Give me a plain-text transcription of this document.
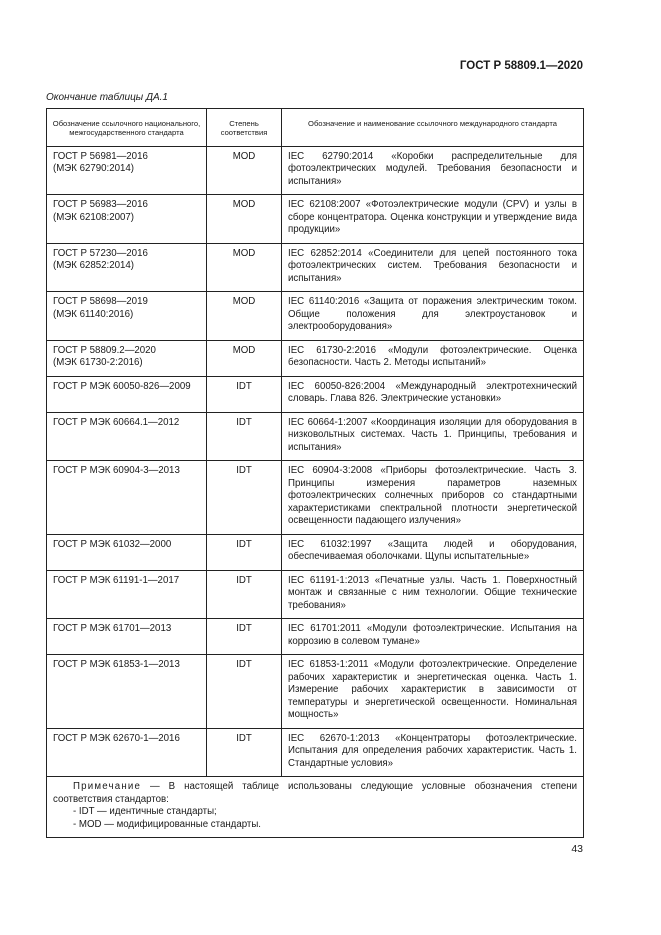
ГОСТ Р 58809.1—2020
Окончание таблицы ДА.1
Обозначение ссылочного национального, межгосударственного стандарта	Степень соответствия	Обозначение и наименование ссылочного международного стандарта
ГОСТ Р 56981—2016
(МЭК 62790:2014)	MOD	IEC 62790:2014 «Коробки распределительные для фотоэлектрических модулей. Требования безопасности и испытания»
ГОСТ Р 56983—2016
(МЭК 62108:2007)	MOD	IEC 62108:2007 «Фотоэлектрические модули (CPV) и узлы в сборе концентратора. Оценка конструкции и утверждение вида продукции»
ГОСТ Р 57230—2016
(МЭК 62852:2014)	MOD	IEC 62852:2014 «Соединители для цепей постоянного тока фотоэлектрических систем. Требования безопасности и испытания»
ГОСТ Р 58698—2019
(МЭК 61140:2016)	MOD	IEC 61140:2016 «Защита от поражения электрическим током. Общие положения для электроустановок и электрооборудования»
ГОСТ Р 58809.2—2020
(МЭК 61730-2:2016)	MOD	IEC 61730-2:2016 «Модули фотоэлектрические. Оценка безопасности. Часть 2. Методы испытаний»
ГОСТ Р МЭК 60050-826—2009	IDT	IEC 60050-826:2004 «Международный электротехнический словарь. Глава 826. Электрические установки»
ГОСТ Р МЭК 60664.1—2012	IDT	IEC 60664-1:2007 «Координация изоляции для оборудования в низковольтных системах. Часть 1. Принципы, требования и испытания»
ГОСТ Р МЭК 60904-3—2013	IDT	IEC 60904-3:2008 «Приборы фотоэлектрические. Часть 3. Принципы измерения параметров наземных фотоэлектрических солнечных приборов со стандартными характеристиками спектральной плотности энергетической освещенности падающего излучения»
ГОСТ Р МЭК 61032—2000	IDT	IEC 61032:1997 «Защита людей и оборудования, обеспечиваемая оболочками. Щупы испытательные»
ГОСТ Р МЭК 61191-1—2017	IDT	IEC 61191-1:2013 «Печатные узлы. Часть 1. Поверхностный монтаж и связанные с ним технологии. Общие технические требования»
ГОСТ Р МЭК 61701—2013	IDT	IEC 61701:2011 «Модули фотоэлектрические. Испытания на коррозию в солевом тумане»
ГОСТ Р МЭК 61853-1—2013	IDT	IEC 61853-1:2011 «Модули фотоэлектрические. Определение рабочих характеристик и энергетическая оценка. Часть 1. Измерение рабочих характеристик в зависимости от температуры и энергетической освещенности. Номинальная мощность»
ГОСТ Р МЭК 62670-1—2016	IDT	IEC 62670-1:2013 «Концентраторы фотоэлектрические. Испытания для определения рабочих характеристик. Часть 1. Стандартные условия»

Примечание — В настоящей таблице использованы следующие условные обозначения степени соответствия стандартов:
- IDT — идентичные стандарты;
- MOD — модифицированные стандарты.		
43
